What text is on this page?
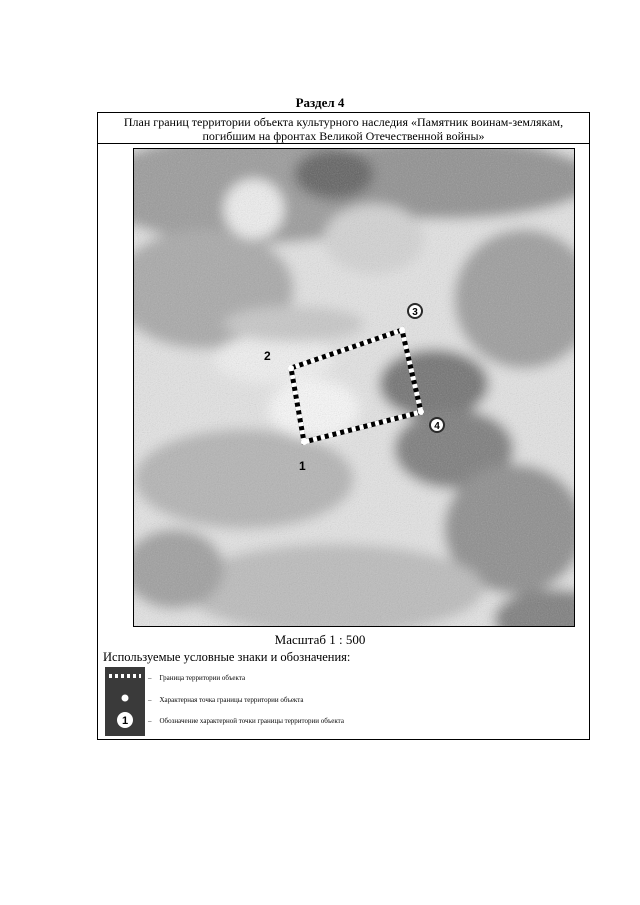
Раздел 4
План границ территории объекта культурного наследия «Памятник воинам-землякам,
погибшим на фронтах Великой Отечественной войны»
1
2
3
4
Масштаб 1 : 500
Используемые условные знаки и обозначения:
1
– Граница территории объекта
– Характерная точка границы территории объекта
– Обозначение характерной точки границы территории объекта
